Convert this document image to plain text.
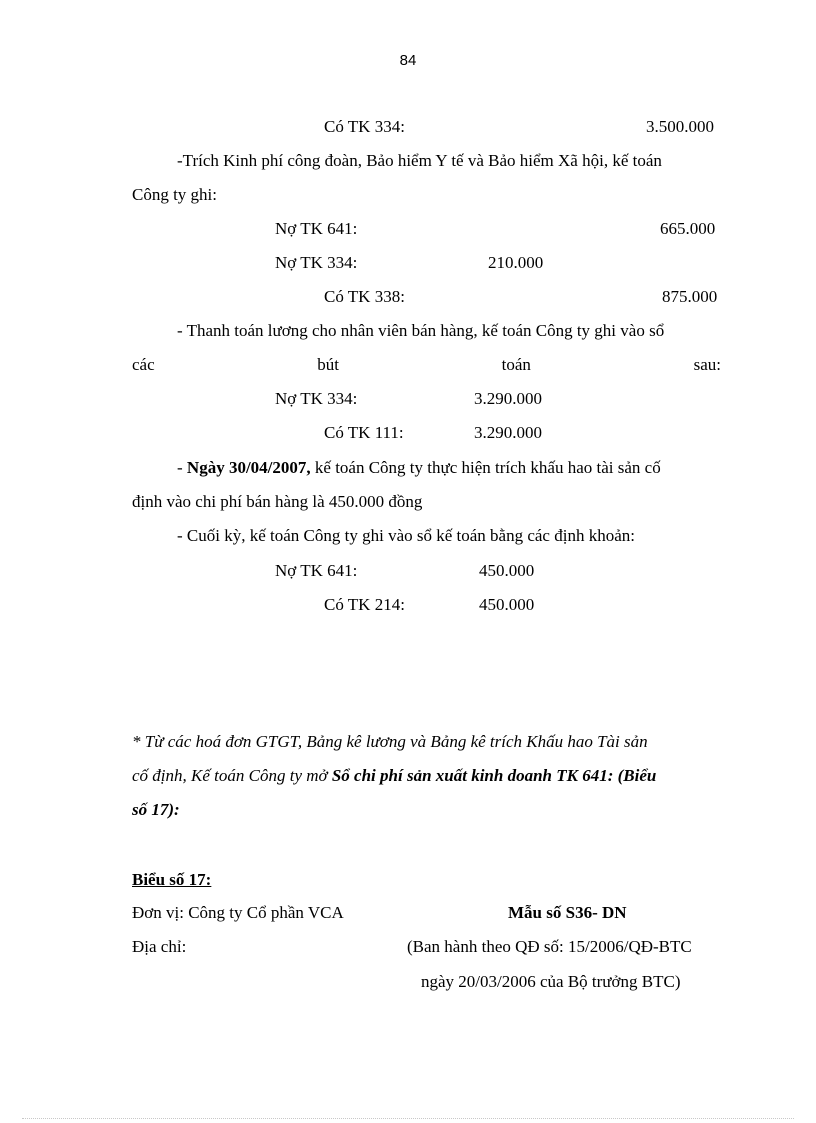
84
Có TK 334:	3.500.000
-Trích Kinh phí công đoàn, Bảo hiểm Y tế và Bảo hiểm Xã hội, kế toán
Công ty ghi:
Nợ TK 641:	665.000
Nợ TK 334:	210.000
Có TK 338:	875.000
- Thanh toán lương cho nhân viên bán hàng, kế toán Công ty ghi vào sổ
các	bút	toán	sau:
Nợ TK 334:	3.290.000
Có TK 111:	3.290.000
- Ngày 30/04/2007, kế toán Công ty thực hiện trích khấu hao tài sản cố
định vào chi phí bán hàng là 450.000 đồng
- Cuối kỳ, kế toán Công ty ghi vào sổ kế toán bằng các định khoản:
Nợ TK 641:	450.000
Có TK 214:	450.000
* Từ các hoá đơn GTGT, Bảng kê lương và Bảng kê trích Khấu hao Tài sản
cố định, Kế toán Công ty mở Sổ chi phí sản xuất kinh doanh TK 641: (Biểu
số 17):
Biểu số 17:
Đơn vị: Công ty Cổ phần VCA	Mẫu số S36- DN
Địa chỉ:	(Ban hành theo QĐ số: 15/2006/QĐ-BTC
ngày 20/03/2006 của Bộ trưởng BTC)
